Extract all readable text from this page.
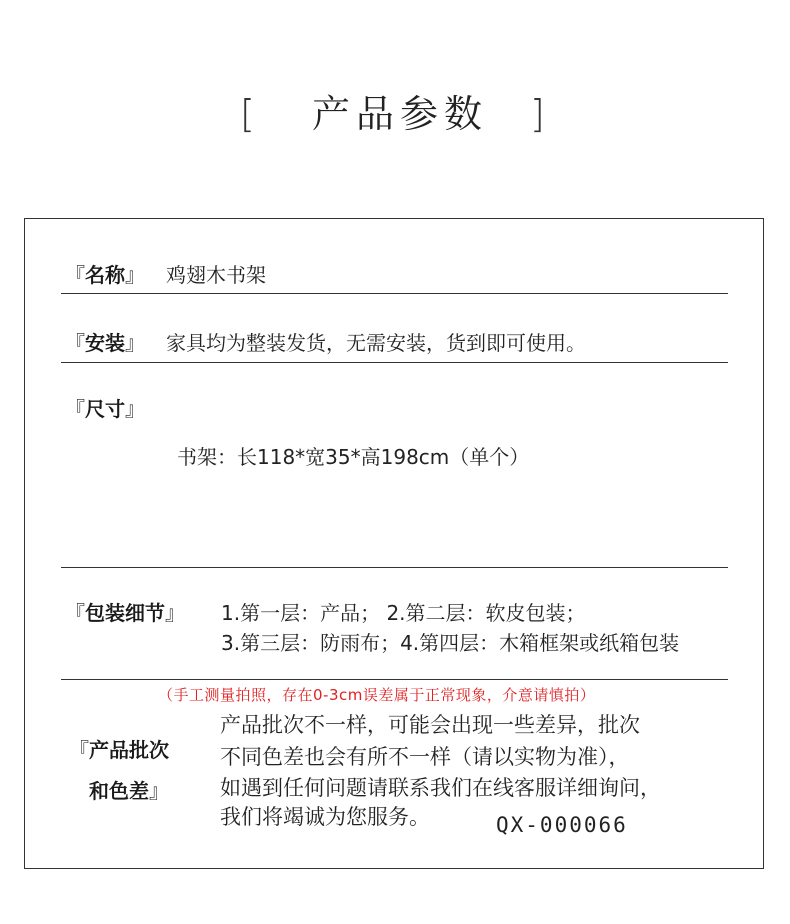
[ 产品参数 ]
『名称』 鸡翅木书架
『安装』 家具均为整装发货，无需安装，货到即可使用。
『尺寸』
书架：长118*宽35*高198cm（单个）
『包装细节』 1.第一层：产品； 2.第二层：软皮包装；
3.第三层：防雨布；4.第四层：木箱框架或纸箱包装
（手工测量拍照，存在0-3cm误差属于正常现象，介意请慎拍）
『产品批次
和色差』
产品批次不一样，可能会出现一些差异，批次
不同色差也会有所不一样（请以实物为准），
如遇到任何问题请联系我们在线客服详细询问，
我们将竭诚为您服务。	QX-000066
